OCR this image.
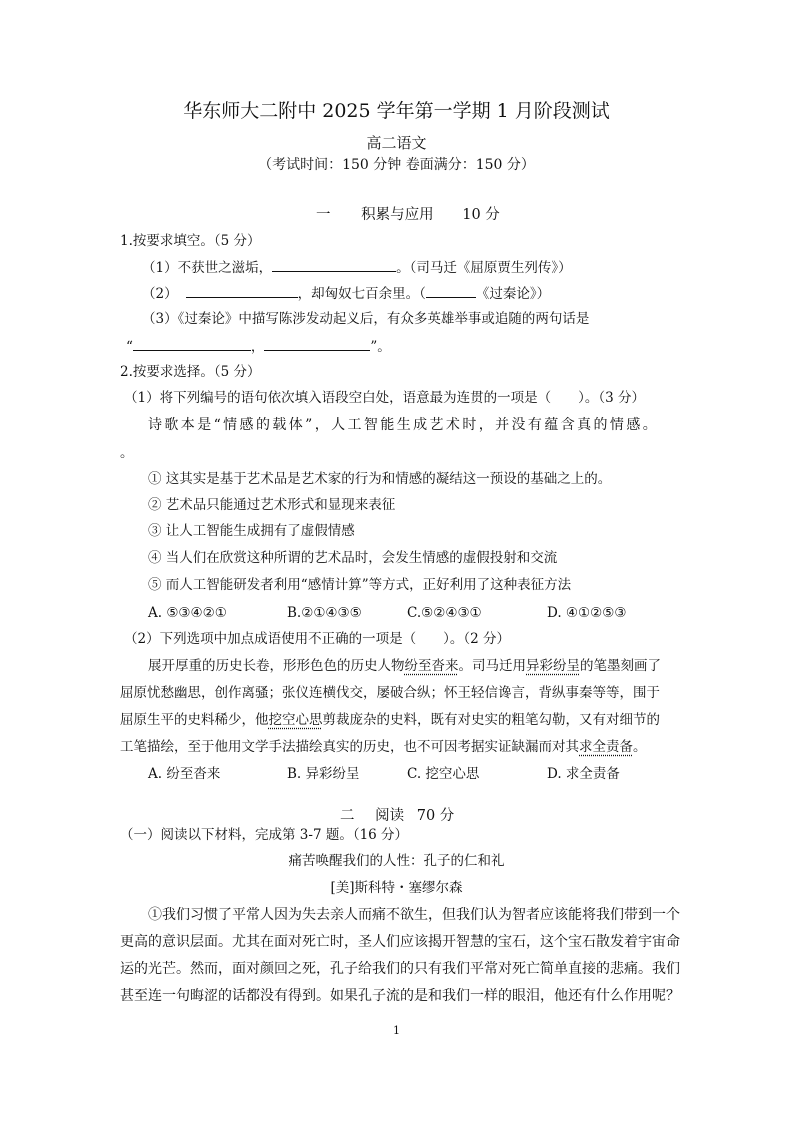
华东师大二附中 2025 学年第一学期 1 月阶段测试
高二语文
（考试时间：150 分钟 卷面满分：150 分）
一 积累与应用 10 分
1.按要求填空。（5 分）
（1）不获世之滋垢，	。（司马迁《屈原贾生列传》）
（2）	，却匈奴七百余里。（	《过秦论》）
（3）《过秦论》中描写陈涉发动起义后，有众多英雄举事或追随的两句话是
“	，	”。
2.按要求选择。（5 分）
（1）将下列编号的语句依次填入语段空白处，语意最为连贯的一项是（　　）。（3 分）
诗歌本是“情感的载体”，人工智能生成艺术时，并没有蕴含真的情感。
。
① 这其实是基于艺术品是艺术家的行为和情感的凝结这一预设的基础之上的。
② 艺术品只能通过艺术形式和显现来表征
③ 让人工智能生成拥有了虚假情感
④ 当人们在欣赏这种所谓的艺术品时，会发生情感的虚假投射和交流
⑤ 而人工智能研发者利用“感情计算”等方式，正好利用了这种表征方法
A. ⑤③④②①	B.②①④③⑤	C.⑤②④③①	D. ④①②⑤③
（2）下列选项中加点成语使用不正确的一项是（　　）。（2 分）
展开厚重的历史长卷，形形色色的历史人物纷至沓来。司马迁用异彩纷呈的笔墨刻画了
屈原忧愁幽思，创作离骚；张仪连横伐交，屡破合纵；怀王轻信谗言，背纵事秦等等，围于
屈原生平的史料稀少，他挖空心思剪裁庞杂的史料，既有对史实的粗笔勾勒，又有对细节的
工笔描绘，至于他用文学手法描绘真实的历史，也不可因考据实证缺漏而对其求全责备。
A. 纷至沓来	B. 异彩纷呈	C. 挖空心思	D. 求全责备
二 阅读 70 分
（一）阅读以下材料，完成第 3-7 题。（16 分）
痛苦唤醒我们的人性：孔子的仁和礼
[美]斯科特・塞缪尔森
①我们习惯了平常人因为失去亲人而痛不欲生，但我们认为智者应该能将我们带到一个
更高的意识层面。尤其在面对死亡时，圣人们应该揭开智慧的宝石，这个宝石散发着宇宙命
运的光芒。然而，面对颜回之死，孔子给我们的只有我们平常对死亡简单直接的悲痛。我们
甚至连一句晦涩的话都没有得到。如果孔子流的是和我们一样的眼泪，他还有什么作用呢？
1
